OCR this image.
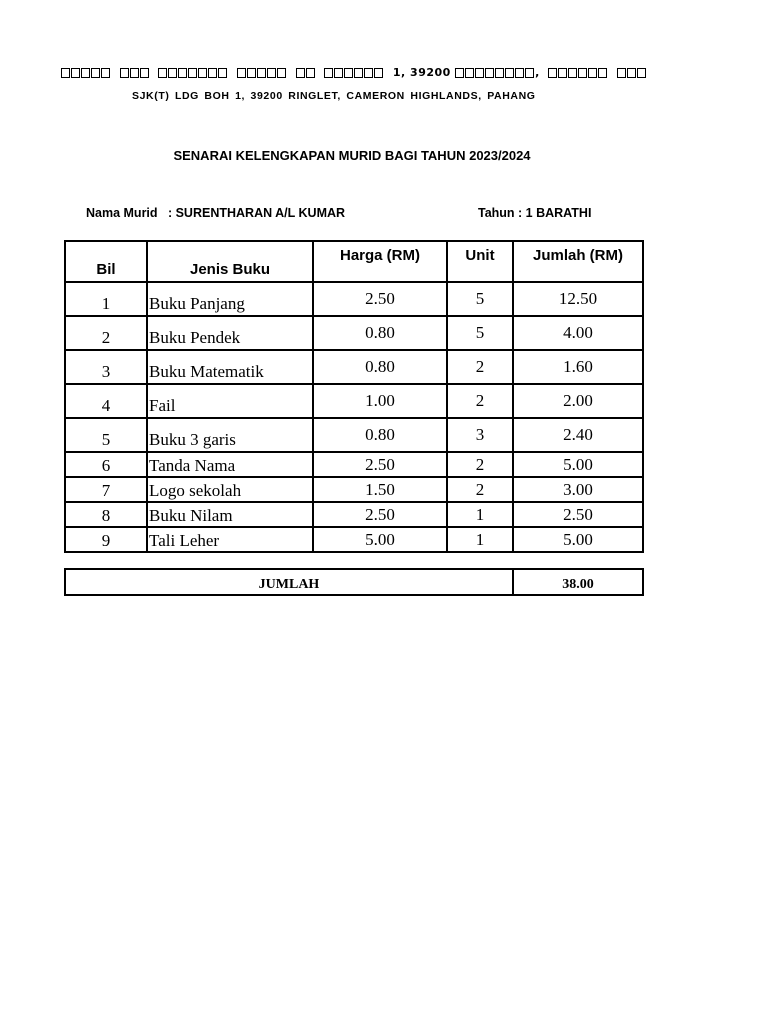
1, 39200	,
SJK(T) LDG BOH 1, 39200 RINGLET, CAMERON HIGHLANDS, PAHANG
SENARAI KELENGKAPAN MURID BAGI TAHUN 2023/2024
Nama Murid   : SURENTHARAN A/L KUMAR	Tahun : 1 BARATHI
Bil	Jenis Buku	Harga (RM)	Unit	Jumlah (RM)
1	Buku Panjang	2.50	5	12.50
2	Buku Pendek	0.80	5	4.00
3	Buku Matematik	0.80	2	1.60
4	Fail	1.00	2	2.00
5	Buku 3 garis	0.80	3	2.40
6	Tanda Nama	2.50	2	5.00
7	Logo sekolah	1.50	2	3.00
8	Buku Nilam	2.50	1	2.50
9	Tali Leher	5.00	1	5.00
JUMLAH	38.00
